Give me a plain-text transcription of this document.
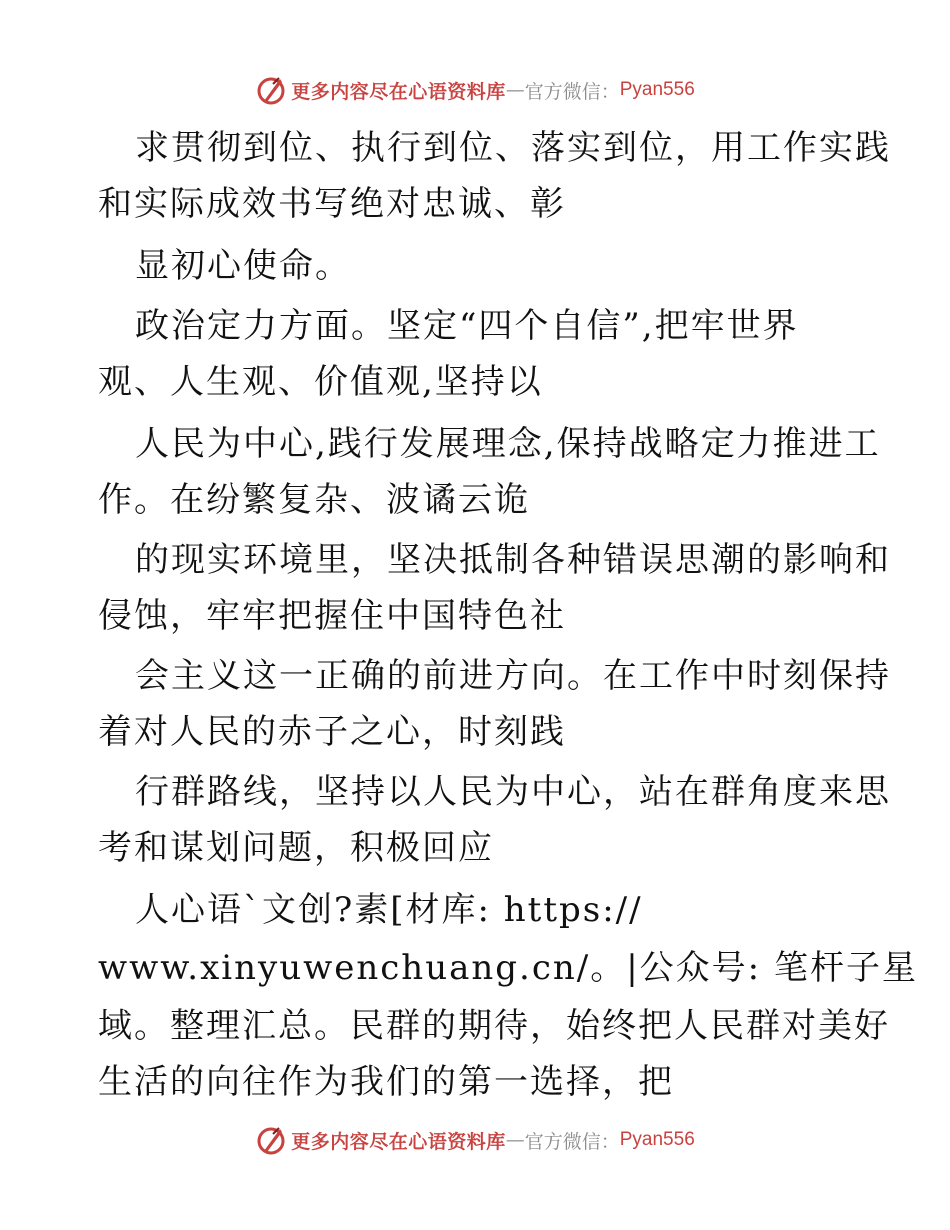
更多内容尽在心语资料库 — 官方微信： Pyan556
求贯彻到位、执行到位、落实到位，用工作实践
和实际成效书写绝对忠诚、彰
显初心使命。
政治定力方面。坚定“四个自信”,把牢世界
观、人生观、价值观,坚持以
人民为中心,践行发展理念,保持战略定力推进工
作。在纷繁复杂、波谲云诡
的现实环境里，坚决抵制各种错误思潮的影响和
侵蚀，牢牢把握住中国特色社
会主义这一正确的前进方向。在工作中时刻保持
着对人民的赤子之心，时刻践
行群路线，坚持以人民为中心，站在群角度来思
考和谋划问题，积极回应
人心语`文创?素[材库: https://
www.xinyuwenchuang.cn/。|公众号: 笔杆子星
域。整理汇总。民群的期待，始终把人民群对美好
生活的向往作为我们的第一选择，把
更多内容尽在心语资料库 — 官方微信： Pyan556
